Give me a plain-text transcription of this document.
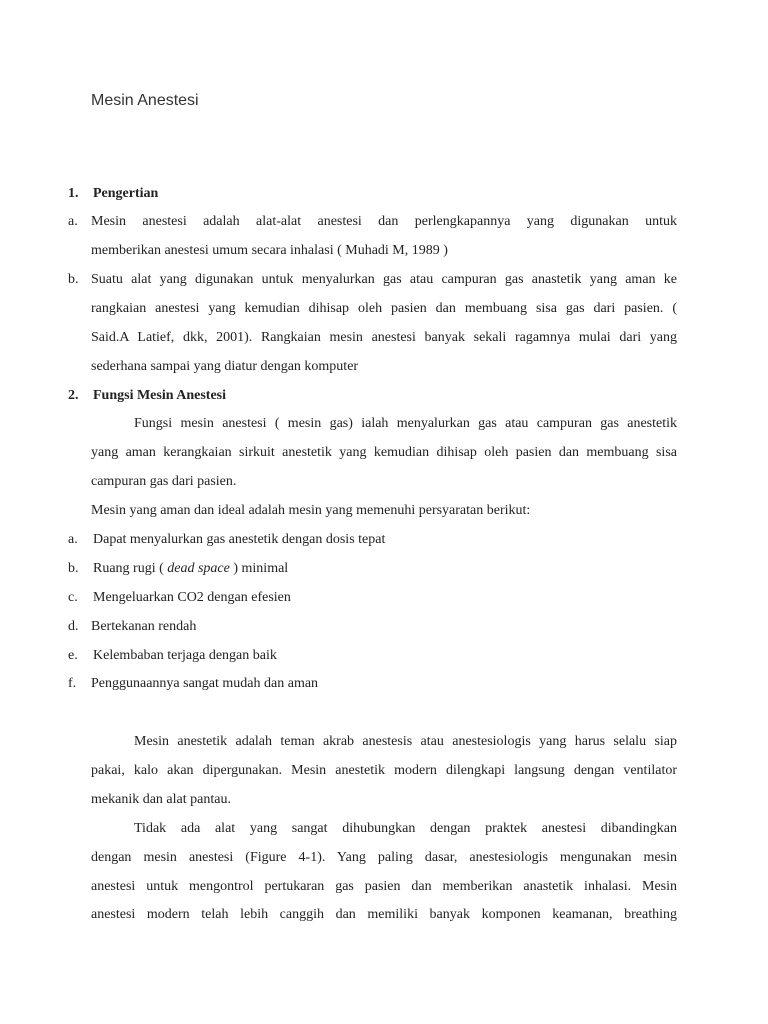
Mesin Anestesi
1. Pengertian
a. Mesin anestesi adalah alat-alat anestesi dan perlengkapannya yang digunakan untuk
memberikan anestesi umum secara inhalasi ( Muhadi M, 1989 )
b. Suatu alat yang digunakan untuk menyalurkan gas atau campuran gas anastetik yang aman ke
rangkaian anestesi yang kemudian dihisap oleh pasien dan membuang sisa gas dari pasien. (
Said.A Latief, dkk, 2001). Rangkaian mesin anestesi banyak sekali ragamnya mulai dari yang
sederhana sampai yang diatur dengan komputer
2. Fungsi Mesin Anestesi
Fungsi mesin anestesi ( mesin gas) ialah menyalurkan gas atau campuran gas anestetik
yang aman kerangkaian sirkuit anestetik yang kemudian dihisap oleh pasien dan membuang sisa
campuran gas dari pasien.
Mesin yang aman dan ideal adalah mesin yang memenuhi persyaratan berikut:
a. Dapat menyalurkan gas anestetik dengan dosis tepat
b. Ruang rugi ( dead space ) minimal
c. Mengeluarkan CO2 dengan efesien
d. Bertekanan rendah
e. Kelembaban terjaga dengan baik
f. Penggunaannya sangat mudah dan aman
Mesin anestetik adalah teman akrab anestesis atau anestesiologis yang harus selalu siap
pakai, kalo akan dipergunakan. Mesin anestetik modern dilengkapi langsung dengan ventilator
mekanik dan alat pantau.
Tidak ada alat yang sangat dihubungkan dengan praktek anestesi dibandingkan
dengan mesin anestesi (Figure 4-1). Yang paling dasar, anestesiologis mengunakan mesin
anestesi untuk mengontrol pertukaran gas pasien dan memberikan anastetik inhalasi. Mesin
anestesi modern telah lebih canggih dan memiliki banyak komponen keamanan, breathing
